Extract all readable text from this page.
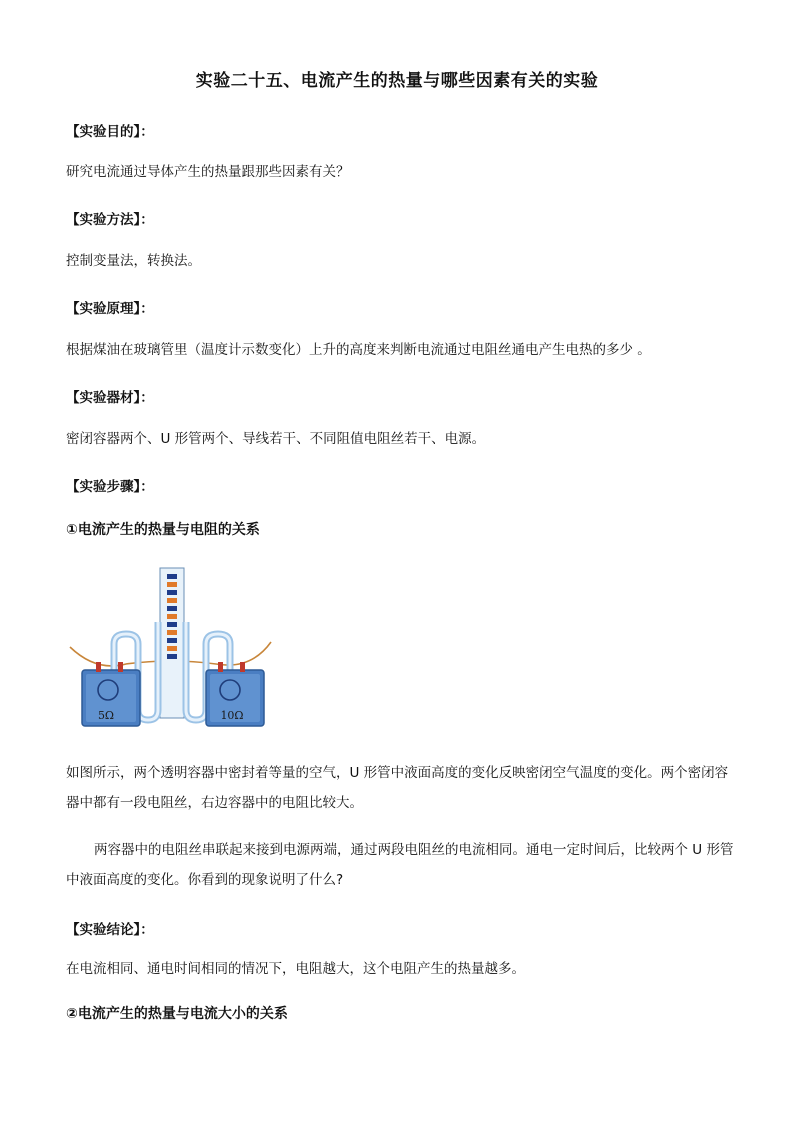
实验二十五、电流产生的热量与哪些因素有关的实验
【实验目的】：
研究电流通过导体产生的热量跟那些因素有关？
【实验方法】：
控制变量法，转换法。
【实验原理】：
根据煤油在玻璃管里（温度计示数变化）上升的高度来判断电流通过电阻丝通电产生电热的多少 。
【实验器材】：
密闭容器两个、U 形管两个、导线若干、不同阻值电阻丝若干、电源。
【实验步骤】：
①电流产生的热量与电阻的关系
5Ω	10Ω
如图所示，两个透明容器中密封着等量的空气，U 形管中液面高度的变化反映密闭空气温度的变化。两个密闭容器中都有一段电阻丝，右边容器中的电阻比较大。
两容器中的电阻丝串联起来接到电源两端，通过两段电阻丝的电流相同。通电一定时间后，比较两个 U 形管中液面高度的变化。你看到的现象说明了什么?
【实验结论】：
在电流相同、通电时间相同的情况下，电阻越大，这个电阻产生的热量越多。
②电流产生的热量与电流大小的关系
